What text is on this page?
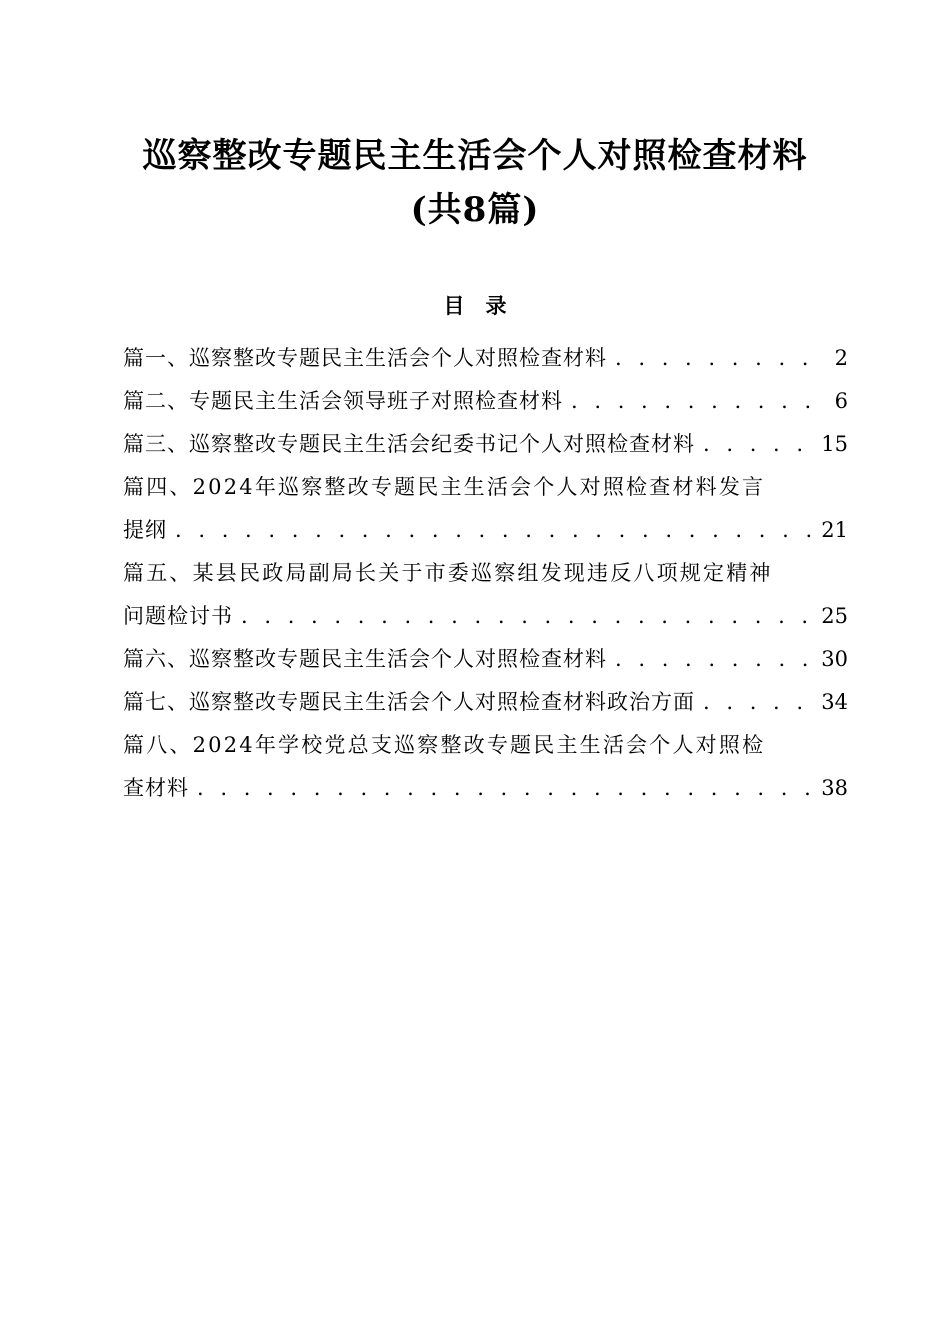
巡察整改专题民主生活会个人对照检查材料
(共8篇)
目　录
篇一、巡察整改专题民主生活会个人对照检查材料 . . .	2
篇二、专题民主生活会领导班子对照检查材料 . . .	6
篇三、巡察整改专题民主生活会纪委书记个人对照检查材料 . . .	15
篇四、2024年巡察整改专题民主生活会个人对照检查材料发言
提纲 . . .	21
篇五、某县民政局副局长关于市委巡察组发现违反八项规定精神
问题检讨书 . . .	25
篇六、巡察整改专题民主生活会个人对照检查材料 . . .	30
篇七、巡察整改专题民主生活会个人对照检查材料政治方面 . . .	34
篇八、2024年学校党总支巡察整改专题民主生活会个人对照检
查材料 . . .	38
